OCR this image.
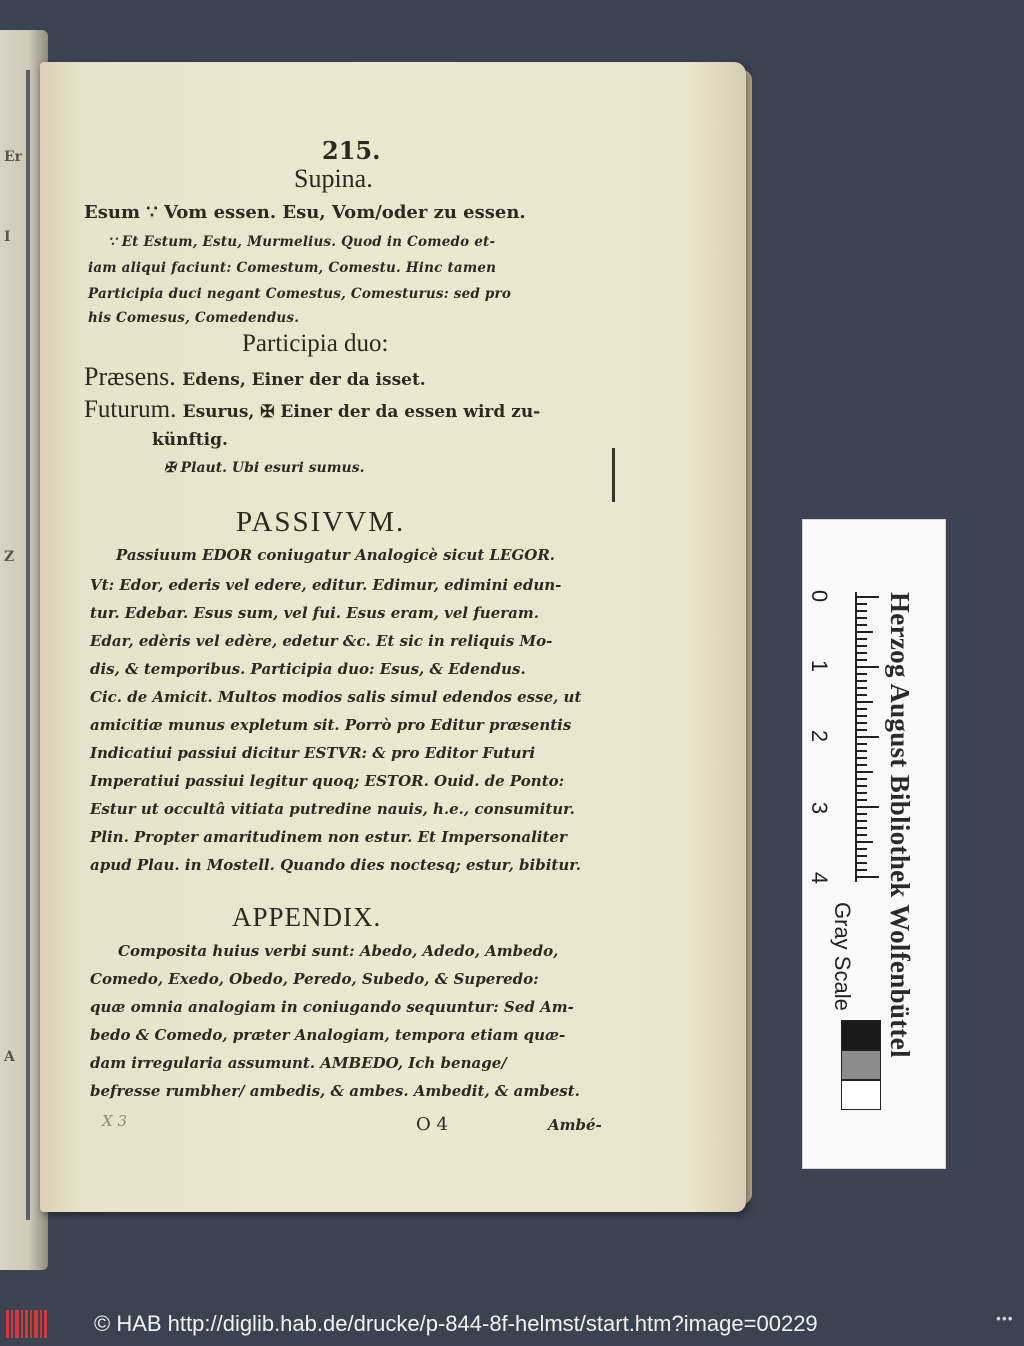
Er
I
Z
A
215.
Supina.
Esum ∵ Vom essen. Esu, Vom/oder zu essen.
∵ Et Estum, Estu, Murmelius. Quod in Comedo et-
iam aliqui faciunt: Comestum, Comestu. Hinc tamen
Participia duci negant Comestus, Comesturus: sed pro
his Comesus, Comedendus.
Participia duo:
Præsens. Edens, Einer der da isset.
Futurum. Esurus, ✠ Einer der da essen wird zu-
künftig.
✠ Plaut. Ubi esuri sumus.
PASSIVVM.
Passiuum EDOR coniugatur Analogicè sicut LEGOR.
Vt: Edor, ederis vel edere, editur. Edimur, edimini edun-
tur. Edebar. Esus sum, vel fui. Esus eram, vel fueram.
Edar, edèris vel edère, edetur &c. Et sic in reliquis Mo-
dis, & temporibus. Participia duo: Esus, & Edendus.
Cic. de Amicit. Multos modios salis simul edendos esse, ut
amicitiæ munus expletum sit. Porrò pro Editur præsentis
Indicatiui passiui dicitur ESTVR: & pro Editor Futuri
Imperatiui passiui legitur quoq; ESTOR. Ouid. de Ponto:
Estur ut occultâ vitiata putredine nauis, h.e., consumitur.
Plin. Propter amaritudinem non estur. Et Impersonaliter
apud Plau. in Mostell. Quando dies noctesq; estur, bibitur.
APPENDIX.
Composita huius verbi sunt: Abedo, Adedo, Ambedo,
Comedo, Exedo, Obedo, Peredo, Subedo, & Superedo:
quæ omnia analogiam in coniugando sequuntur: Sed Am-
bedo & Comedo, præter Analogiam, tempora etiam quæ-
dam irregularia assumunt. AMBEDO, Ich benage/
befresse rumbher/ ambedis, & ambes. Ambedit, & ambest.
X 3	O 4	Ambé-
Herzog August Bibliothek Wolfenbüttel
0
1
2
3
4
Gray Scale
© HAB http://diglib.hab.de/drucke/p-844-8f-helmst/start.htm?image=00229	•••
